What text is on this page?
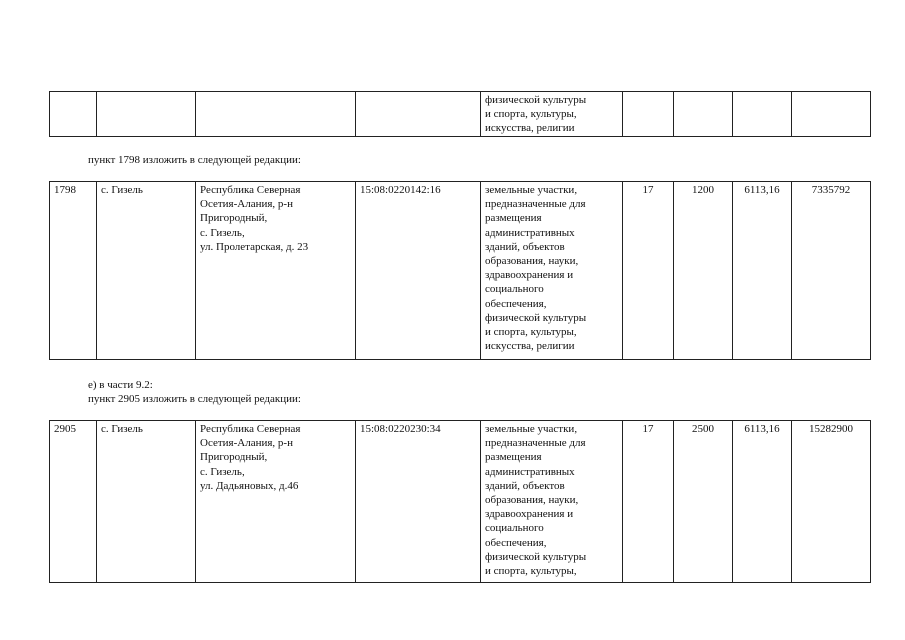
				физической культуры
и спорта, культуры,
искусства, религии				
пункт 1798 изложить в следующей редакции:
1798	с. Гизель	Республика Северная
Осетия-Алания, р-н
Пригородный,
с. Гизель,
ул. Пролетарская, д. 23	15:08:0220142:16	земельные участки,
предназначенные для
размещения
административных
зданий, объектов
образования, науки,
здравоохранения и
социального
обеспечения,
физической культуры
и спорта, культуры,
искусства, религии	17	1200	6113,16	7335792
е) в части 9.2:
пункт 2905 изложить в следующей редакции:
2905	с. Гизель	Республика Северная
Осетия-Алания, р-н
Пригородный,
с. Гизель,
ул. Дадьяновых, д.46	15:08:0220230:34	земельные участки,
предназначенные для
размещения
административных
зданий, объектов
образования, науки,
здравоохранения и
социального
обеспечения,
физической культуры
и спорта, культуры,	17	2500	6113,16	15282900
